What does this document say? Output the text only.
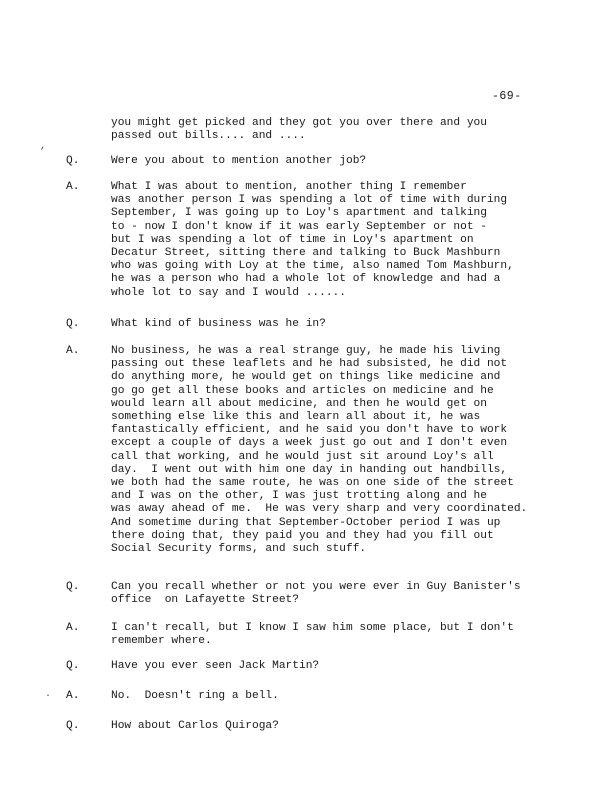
-69-
,
·

you might get picked and they got you over there and you
passed out bills.... and ....

Q.	Were you about to mention another job?

A.	What I was about to mention, another thing I remember
was another person I was spending a lot of time with during
September, I was going up to Loy's apartment and talking
to - now I don't know if it was early September or not -
but I was spending a lot of time in Loy's apartment on
Decatur Street, sitting there and talking to Buck Mashburn
who was going with Loy at the time, also named Tom Mashburn,
he was a person who had a whole lot of knowledge and had a
whole lot to say and I would ......

Q.	What kind of business was he in?

A.	No business, he was a real strange guy, he made his living
passing out these leaflets and he had subsisted, he did not
do anything more, he would get on things like medicine and
go go get all these books and articles on medicine and he
would learn all about medicine, and then he would get on
something else like this and learn all about it, he was
fantastically efficient, and he said you don't have to work
except a couple of days a week just go out and I don't even
call that working, and he would just sit around Loy's all
day.  I went out with him one day in handing out handbills,
we both had the same route, he was on one side of the street
and I was on the other, I was just trotting along and he
was away ahead of me.  He was very sharp and very coordinated.
And sometime during that September-October period I was up
there doing that, they paid you and they had you fill out
Social Security forms, and such stuff.

Q.	Can you recall whether or not you were ever in Guy Banister's
office  on Lafayette Street?

A.	I can't recall, but I know I saw him some place, but I don't
remember where.

Q.	Have you ever seen Jack Martin?

A.	No.  Doesn't ring a bell.

Q.	How about Carlos Quiroga?
